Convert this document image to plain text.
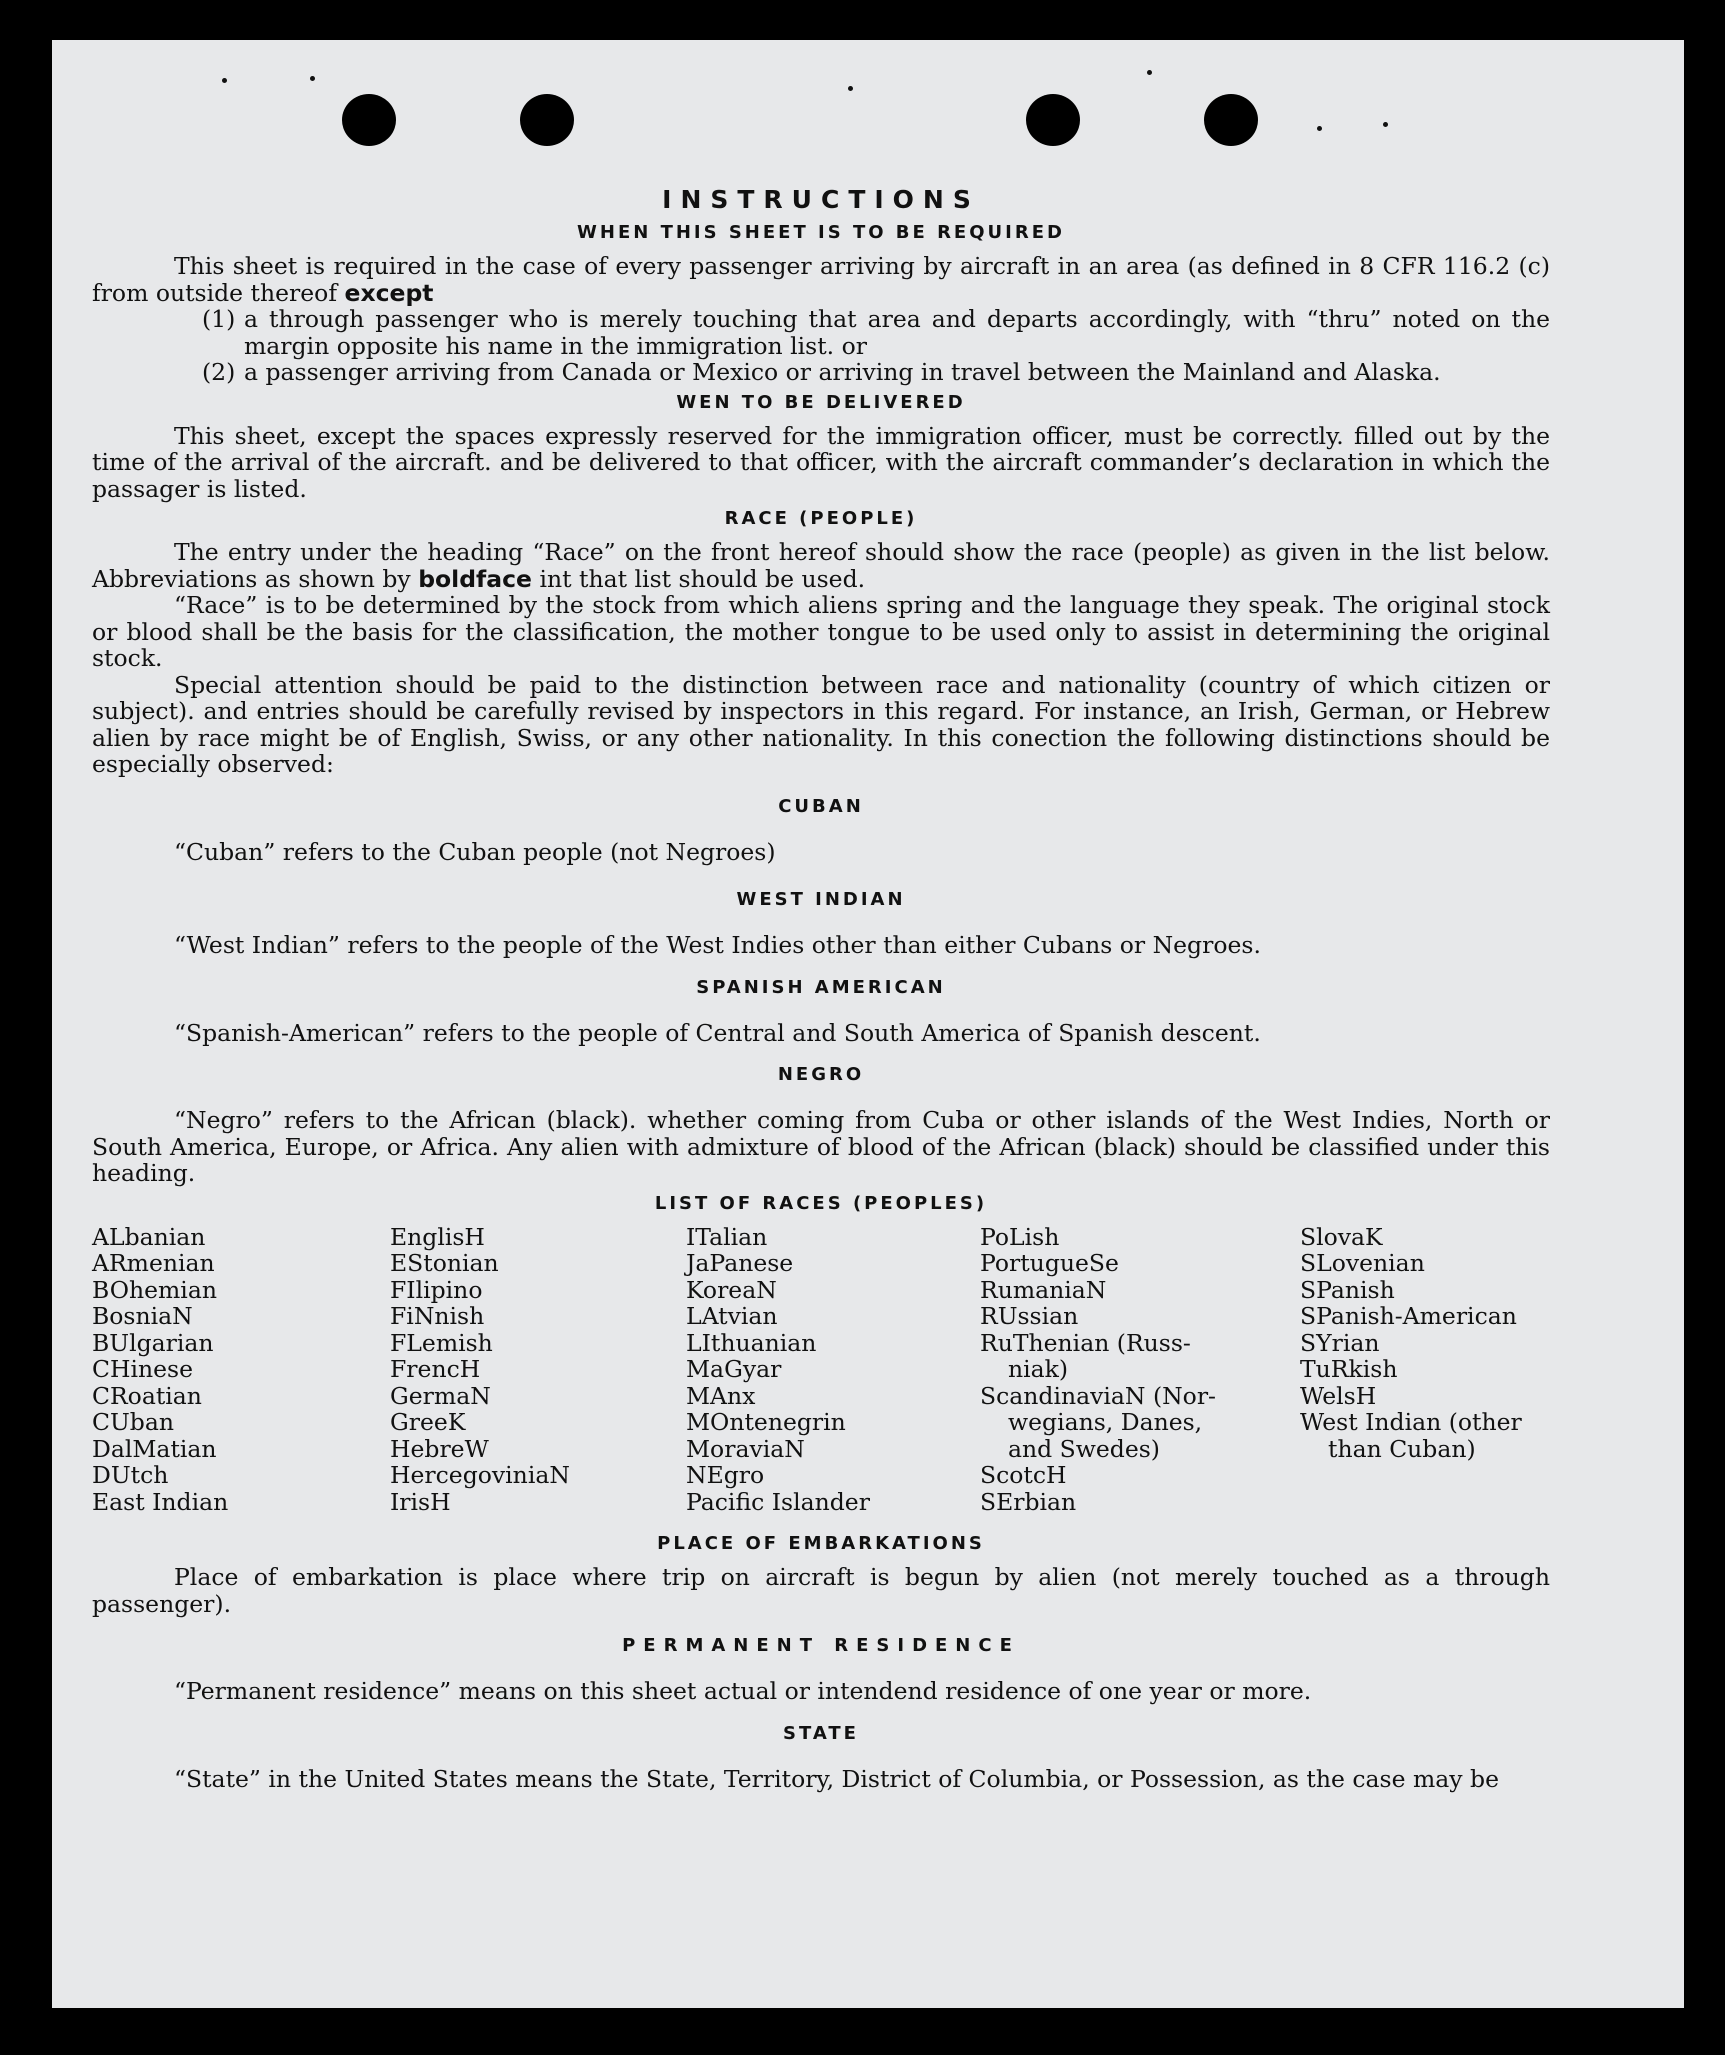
INSTRUCTIONS
WHEN THIS SHEET IS TO BE REQUIRED

This sheet is required in the case of every passenger arriving by aircraft in an area (as defined in 8 CFR 116.2 (c) from outside thereof except

(1) a through passenger who is merely touching that area and departs accordingly, with “thru” noted on the margin opposite his name in the immigration list. or
(2) a passenger arriving from Canada or Mexico or arriving in travel between the Mainland and Alaska.
WEN TO BE DELIVERED

This sheet, except the spaces expressly reserved for the immigration officer, must be correctly. filled out by the time of the arrival of the aircraft. and be delivered to that officer, with the aircraft commander’s declaration in which the passager is listed.

RACE (PEOPLE)

The entry under the heading “Race” on the front hereof should show the race (people) as given in the list below. Abbreviations as shown by boldface int that list should be used.

“Race” is to be determined by the stock from which aliens spring and the language they speak. The original stock or blood shall be the basis for the classification, the mother tongue to be used only to assist in determining the original stock.

Special attention should be paid to the distinction between race and nationality (country of which citizen or subject). and entries should be carefully revised by inspectors in this regard. For instance, an Irish, German, or Hebrew alien by race might be of English, Swiss, or any other nationality. In this conection the following distinctions should be especially observed:

CUBAN

“Cuban” refers to the Cuban people (not Negroes)

WEST INDIAN

“West Indian” refers to the people of the West Indies other than either Cubans or Negroes.

SPANISH AMERICAN

“Spanish-American” refers to the people of Central and South America of Spanish descent.

NEGRO

“Negro” refers to the African (black). whether coming from Cuba or other islands of the West Indies, North or South America, Europe, or Africa. Any alien with admixture of blood of the African (black) should be classified under this heading.

LIST OF RACES (PEOPLES)
ALbanian
ARmenian
BOhemian
BosniaN
BUlgarian
CHinese
CRoatian
CUban
DalMatian
DUtch
East Indian
EnglisH
EStonian
FIlipino
FiNnish
FLemish
FrencH
GermaN
GreeK
HebreW
HercegoviniaN
IrisH
ITalian
JaPanese
KoreaN
LAtvian
LIthuanian
MaGyar
MAnx
MOntenegrin
MoraviaN
NEgro
Pacific Islander
PoLish
PortugueSe
RumaniaN
RUssian
RuThenian (Russ-
niak)
ScandinaviaN (Nor-
wegians, Danes,
and Swedes)
ScotcH
SErbian
SlovaK
SLovenian
SPanish
SPanish-American
SYrian
TuRkish
WelsH
West Indian (other
than Cuban)
PLACE OF EMBARKATIONS

Place of embarkation is place where trip on aircraft is begun by alien (not merely touched as a through passenger).

PERMANENT RESIDENCE

“Permanent residence” means on this sheet actual or intendend residence of one year or more.

STATE

“State” in the United States means the State, Territory, District of Columbia, or Possession, as the case may be
